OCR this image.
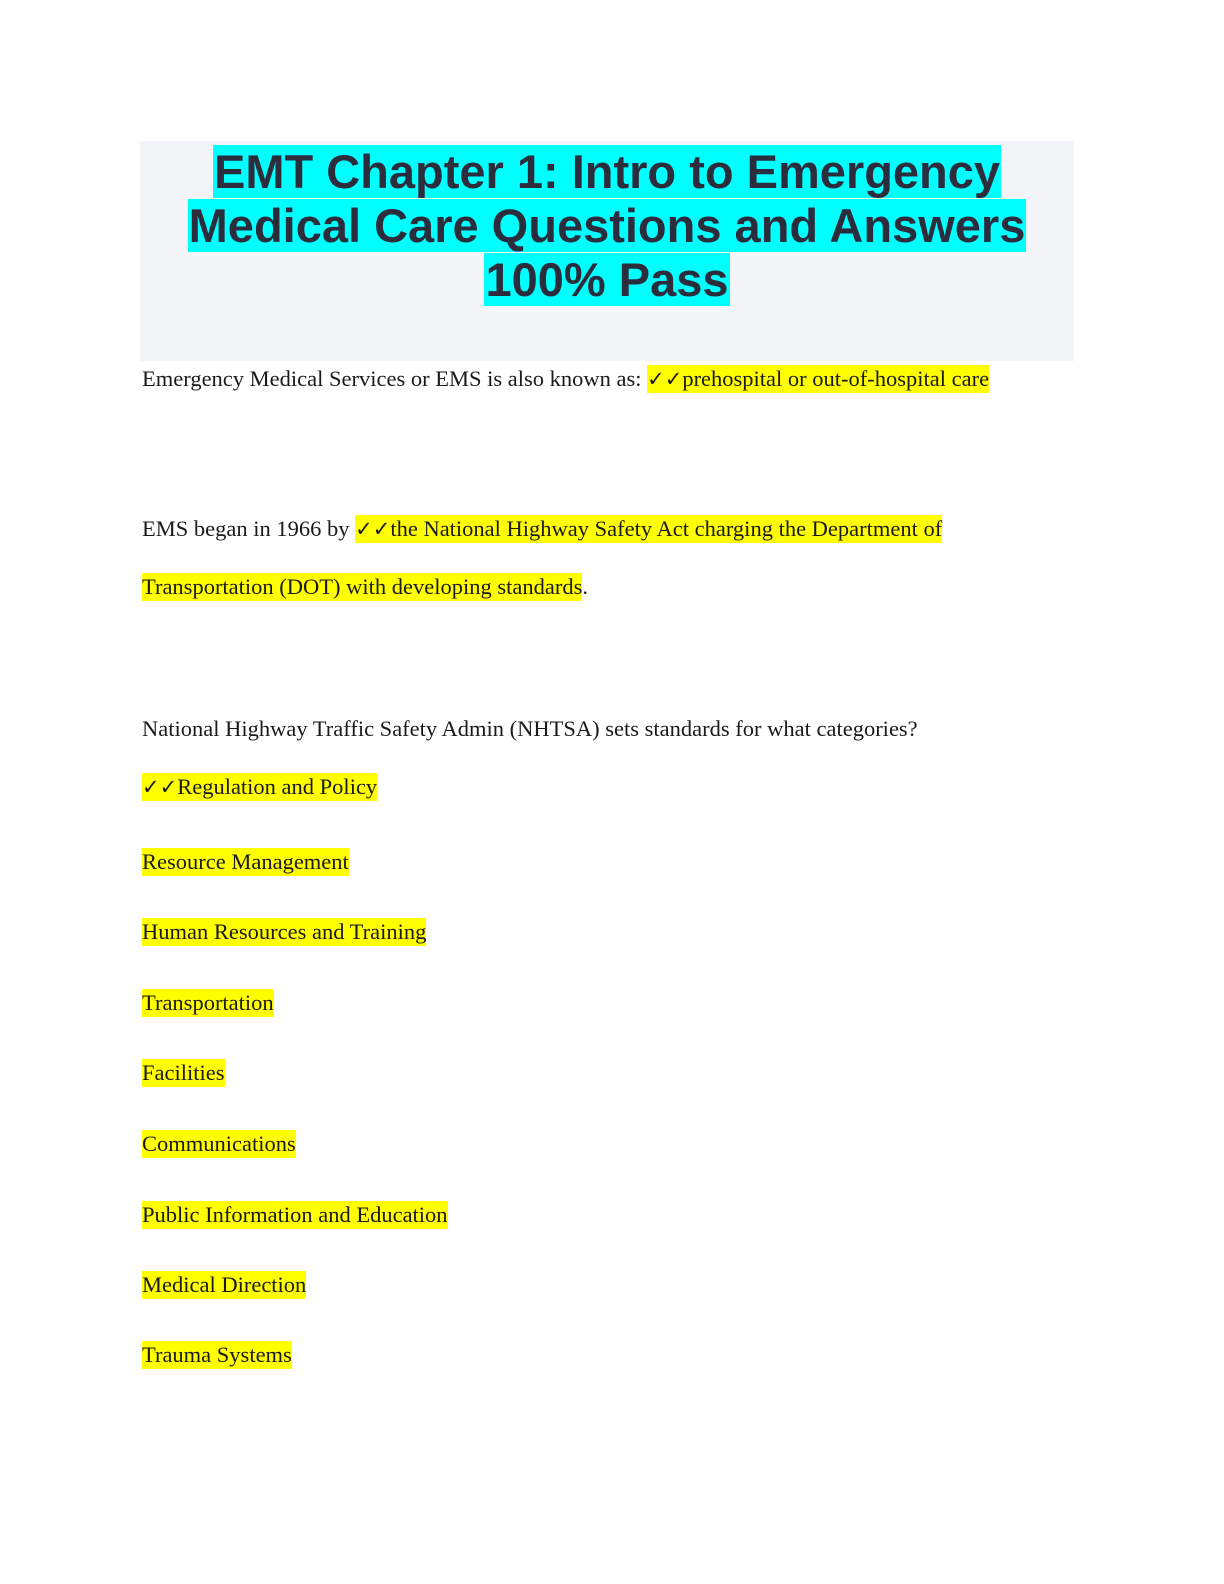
EMT Chapter 1: Intro to Emergency
Medical Care Questions and Answers
100% Pass
Emergency Medical Services or EMS is also known as: ✓✓prehospital or out-of-hospital care
EMS began in 1966 by ✓✓the National Highway Safety Act charging the Department of
Transportation (DOT) with developing standards.
National Highway Traffic Safety Admin (NHTSA) sets standards for what categories?
✓✓Regulation and Policy
Resource Management
Human Resources and Training
Transportation
Facilities
Communications
Public Information and Education
Medical Direction
Trauma Systems
